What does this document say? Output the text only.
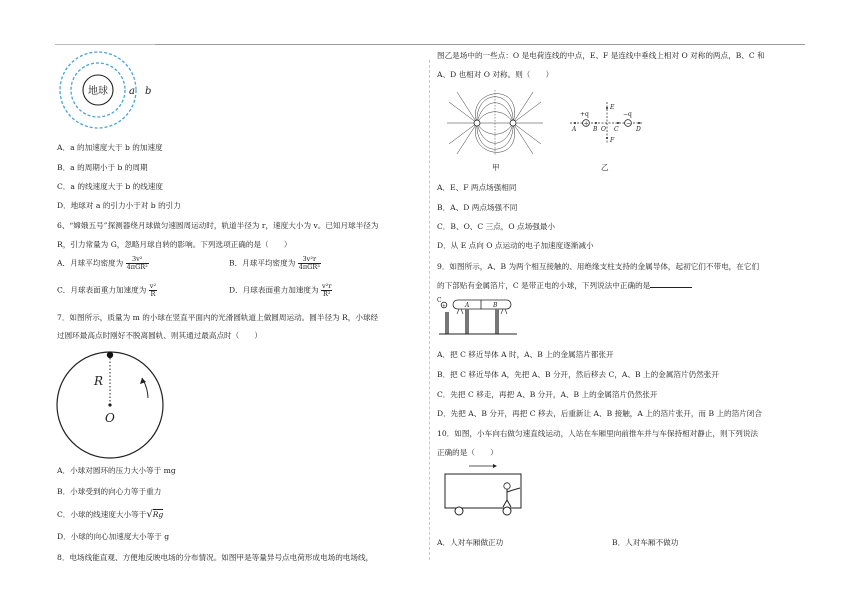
地球 a b
A．a 的加速度大于 b 的加速度
B．a 的周期小于 b 的周期
C．a 的线速度大于 b 的线速度
D．地球对 a 的引力小于对 b 的引力
6、“嫦娥五号”探测器绕月球做匀速圆周运动时，轨道半径为 r，速度大小为 v。已知月球半径为
R，引力常量为 G，忽略月球自转的影响。下列选项正确的是（　　）
A．月球平均密度为 $\frac{\text{3v²}}{\text{4πGR²}}$	B．月球平均密度为 $\frac{\text{3v²r}}{\text{4πGR³}}$
C．月球表面重力加速度为 $\frac{\text{v²}}{R}$	D．月球表面重力加速度为 $\frac{\text{v²r}}{\text{R²}}$
7．如图所示，质量为 m 的小球在竖直平面内的光滑圆轨道上做圆周运动。圆半径为 R，小球经
过圆环最高点时刚好不脱离圆轨、则其通过最高点时（　　）
R
O
A．小球对圆环的压力大小等于 mg
B．小球受到的向心力等于重力
C．小球的线速度大小等于√Rg
D．小球的向心加速度大小等于 g
8．电场线能直观、方便地反映电场的分布情况。如图甲是等量异号点电荷形成电场的电场线，
图乙是场中的一些点：O 是电荷连线的中点，E、F 是连线中垂线上相对 O 对称的两点，B、C 和
A、D 也相对 O 对称。则（　　）
甲
+	−
+q	−q
E
F
A	B O C	D
乙
A．E、F 两点场强相同
B．A、D 两点场强不同
C．B、O、C 三点，O 点场强最小
D．从 E 点向 O 点运动的电子加速度逐渐减小
9．如图所示，A、B 为两个相互接触的、用绝缘支柱支持的金属导体，起初它们不带电，在它们
的下部贴有金属箔片，C 是带正电的小球，下列说法中正确的是
+
C
A	B
A．把 C 移近导体 A 时，A、B 上的金属箔片都张开
B．把 C 移近导体 A，先把 A、B 分开，然后移去 C，A、B 上的金属箔片仍然张开
C．先把 C 移走，再把 A、B 分开，A、B 上的金属箔片仍然张开
D．先把 A、B 分开，再把 C 移去，后重新让 A、B 接触，A 上的箔片张开，而 B 上的箔片闭合
10．如图，小车向右做匀速直线运动，人站在车厢里向前推车并与车保持相对静止，则下列说法
正确的是（　　）
A．人对车厢做正功	B．人对车厢不做功
